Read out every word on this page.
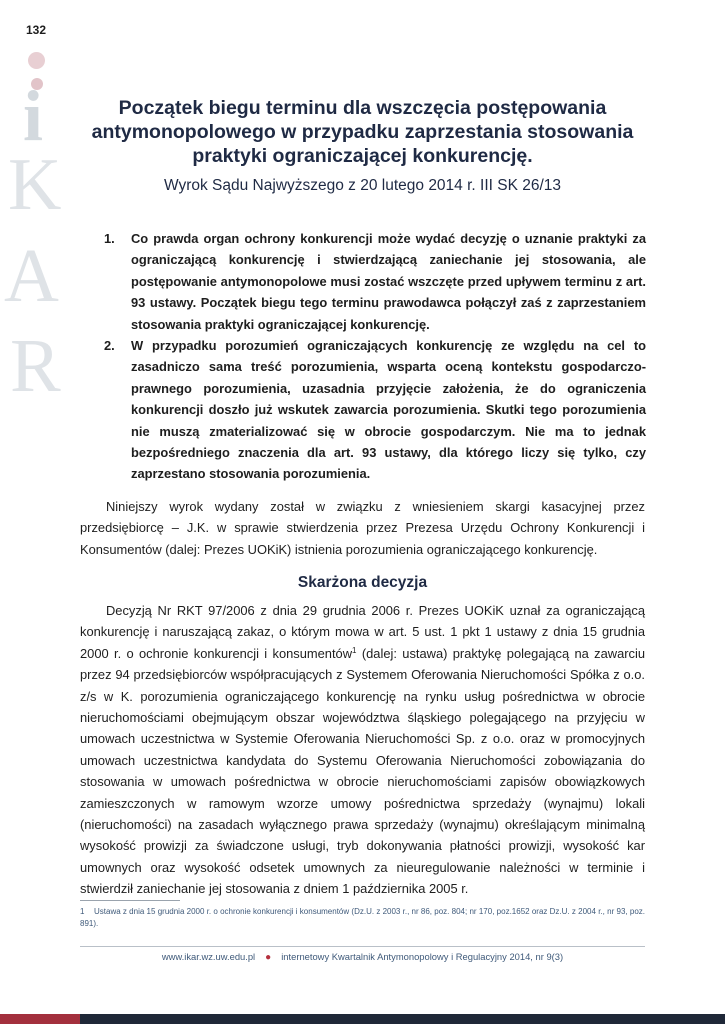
132
i
K
A
R
Początek biegu terminu dla wszczęcia postępowania antymonopolowego w przypadku zaprzestania stosowania praktyki ograniczającej konkurencję.

Wyrok Sądu Najwyższego z 20 lutego 2014 r. III SK 26/13

1. Co prawda organ ochrony konkurencji może wydać decyzję o uznanie praktyki za ograniczającą konkurencję i stwierdzającą zaniechanie jej stosowania, ale postępowanie antymonopolowe musi zostać wszczęte przed upływem terminu z art. 93 ustawy. Początek biegu tego terminu prawodawca połączył zaś z zaprzestaniem stosowania praktyki ograniczającej konkurencję.
2. W przypadku porozumień ograniczających konkurencję ze względu na cel to zasadniczo sama treść porozumienia, wsparta oceną kontekstu gospodarczo-prawnego porozumienia, uzasadnia przyjęcie założenia, że do ograniczenia konkurencji doszło już wskutek zawarcia porozumienia. Skutki tego porozumienia nie muszą zmaterializować się w obrocie gospodarczym. Nie ma to jednak bezpośredniego znaczenia dla art. 93 ustawy, dla którego liczy się tylko, czy zaprzestano stosowania porozumienia.

Niniejszy wyrok wydany został w związku z wniesieniem skargi kasacyjnej przez przedsiębiorcę – J.K. w sprawie stwierdzenia przez Prezesa Urzędu Ochrony Konkurencji i Konsumentów (dalej: Prezes UOKiK) istnienia porozumienia ograniczającego konkurencję.

Skarżona decyzja

Decyzją Nr RKT 97/2006 z dnia 29 grudnia 2006 r. Prezes UOKiK uznał za ograniczającą konkurencję i naruszającą zakaz, o którym mowa w art. 5 ust. 1 pkt 1 ustawy z dnia 15 grudnia 2000 r. o ochronie konkurencji i konsumentów$^1$ (dalej: ustawa) praktykę polegającą na zawarciu przez 94 przedsiębiorców współpracujących z Systemem Oferowania Nieruchomości Spółka z o.o. z/s w K. porozumienia ograniczającego konkurencję na rynku usług pośrednictwa w obrocie nieruchomościami obejmującym obszar województwa śląskiego polegającego na przyjęciu w umowach uczestnictwa w Systemie Oferowania Nieruchomości Sp. z o.o. oraz w promocyjnych umowach uczestnictwa kandydata do Systemu Oferowania Nieruchomości zobowiązania do stosowania w umowach pośrednictwa w obrocie nieruchomościami zapisów obowiązkowych zamieszczonych w ramowym wzorze umowy pośrednictwa sprzedaży (wynajmu) lokali (nieruchomości) na zasadach wyłącznego prawa sprzedaży (wynajmu) określającym minimalną wysokość prowizji za świadczone usługi, tryb dokonywania płatności prowizji, wysokość kar umownych oraz wysokość odsetek umownych za nieuregulowanie należności w terminie i stwierdził zaniechanie jej stosowania z dniem 1 października 2005 r.

1 Ustawa z dnia 15 grudnia 2000 r. o ochronie konkurencji i konsumentów (Dz.U. z 2003 r., nr 86, poz. 804; nr 170, poz.1652 oraz Dz.U. z 2004 r., nr 93, poz. 891).

www.ikar.wz.uw.edu.pl ● internetowy Kwartalnik Antymonopolowy i Regulacyjny 2014, nr 9(3)
